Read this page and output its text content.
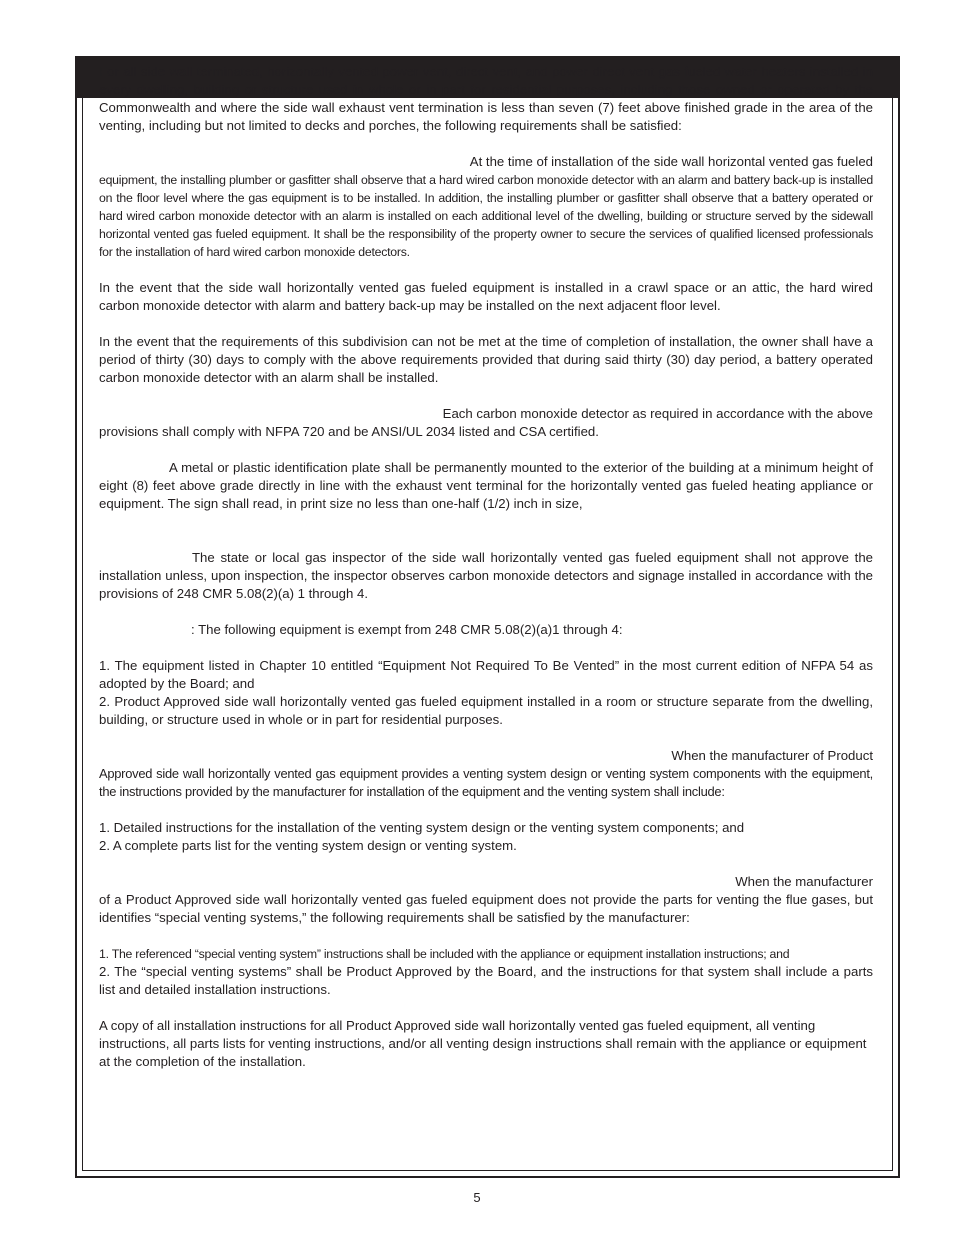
For all side wall terminated, horizontally vented power vent, direct vent, and power direct vent gas fueled water heaters installed in every dwelling, building or structure used in whole or in part for residential purposes, including those owned or operated by the Commonwealth and where the side wall exhaust vent termination is less than seven (7) feet above finished grade in the area of the venting, including but not limited to decks and porches, the following requirements shall be satisfied:

At the time of installation of the side wall horizontal vented gas fueled

equipment, the installing plumber or gasfitter shall observe that a hard wired carbon monoxide detector with an alarm and battery back-up is installed on the floor level where the gas equipment is to be installed. In addition, the installing plumber or gasfitter shall observe that a battery operated or hard wired carbon monoxide detector with an alarm is installed on each additional level of the dwelling, building or structure served by the sidewall horizontal vented gas fueled equipment. It shall be the responsibility of the property owner to secure the services of qualified licensed professionals for the installation of hard wired carbon monoxide detectors.

In the event that the side wall horizontally vented gas fueled equipment is installed in a crawl space or an attic, the hard wired carbon monoxide detector with alarm and battery back-up may be installed on the next adjacent floor level.

In the event that the requirements of this subdivision can not be met at the time of completion of installation, the owner shall have a period of thirty (30) days to comply with the above requirements provided that during said thirty (30) day period, a battery operated carbon monoxide detector with an alarm shall be installed.

Each carbon monoxide detector as required in accordance with the above

provisions shall comply with NFPA 720 and be ANSI/UL 2034 listed and CSA certified.

A metal or plastic identification plate shall be permanently mounted to the exterior of the building at a minimum height of eight (8) feet above grade directly in line with the exhaust vent terminal for the horizontally vented gas fueled heating appliance or equipment. The sign shall read, in print size no less than one-half (1/2) inch in size,

The state or local gas inspector of the side wall horizontally vented gas fueled equipment shall not approve the installation unless, upon inspection, the inspector observes carbon monoxide detectors and signage installed in accordance with the provisions of 248 CMR 5.08(2)(a) 1 through 4.

: The following equipment is exempt from 248 CMR 5.08(2)(a)1 through 4:

1. The equipment listed in Chapter 10 entitled “Equipment Not Required To Be Vented” in the most current edition of NFPA 54 as adopted by the Board; and

2. Product Approved side wall horizontally vented gas fueled equipment installed in a room or structure separate from the dwelling, building, or structure used in whole or in part for residential purposes.

When the manufacturer of Product

Approved side wall horizontally vented gas equipment provides a venting system design or venting system components with the equipment, the instructions provided by the manufacturer for installation of the equipment and the venting system shall include:

1. Detailed instructions for the installation of the venting system design or the venting system components; and

2. A complete parts list for the venting system design or venting system.

When the manufacturer

of a Product Approved side wall horizontally vented gas fueled equipment does not provide the parts for venting the flue gases, but identifies “special venting systems,” the following requirements shall be satisfied by the manufacturer:

1. The referenced “special venting system” instructions shall be included with the appliance or equipment installation instructions; and

2. The “special venting systems” shall be Product Approved by the Board, and the instructions for that system shall include a parts list and detailed installation instructions.

A copy of all installation instructions for all Product Approved side wall horizontally vented gas fueled equipment, all venting instructions, all parts lists for venting instructions, and/or all venting design instructions shall remain with the appliance or equipment at the completion of the installation.

5
